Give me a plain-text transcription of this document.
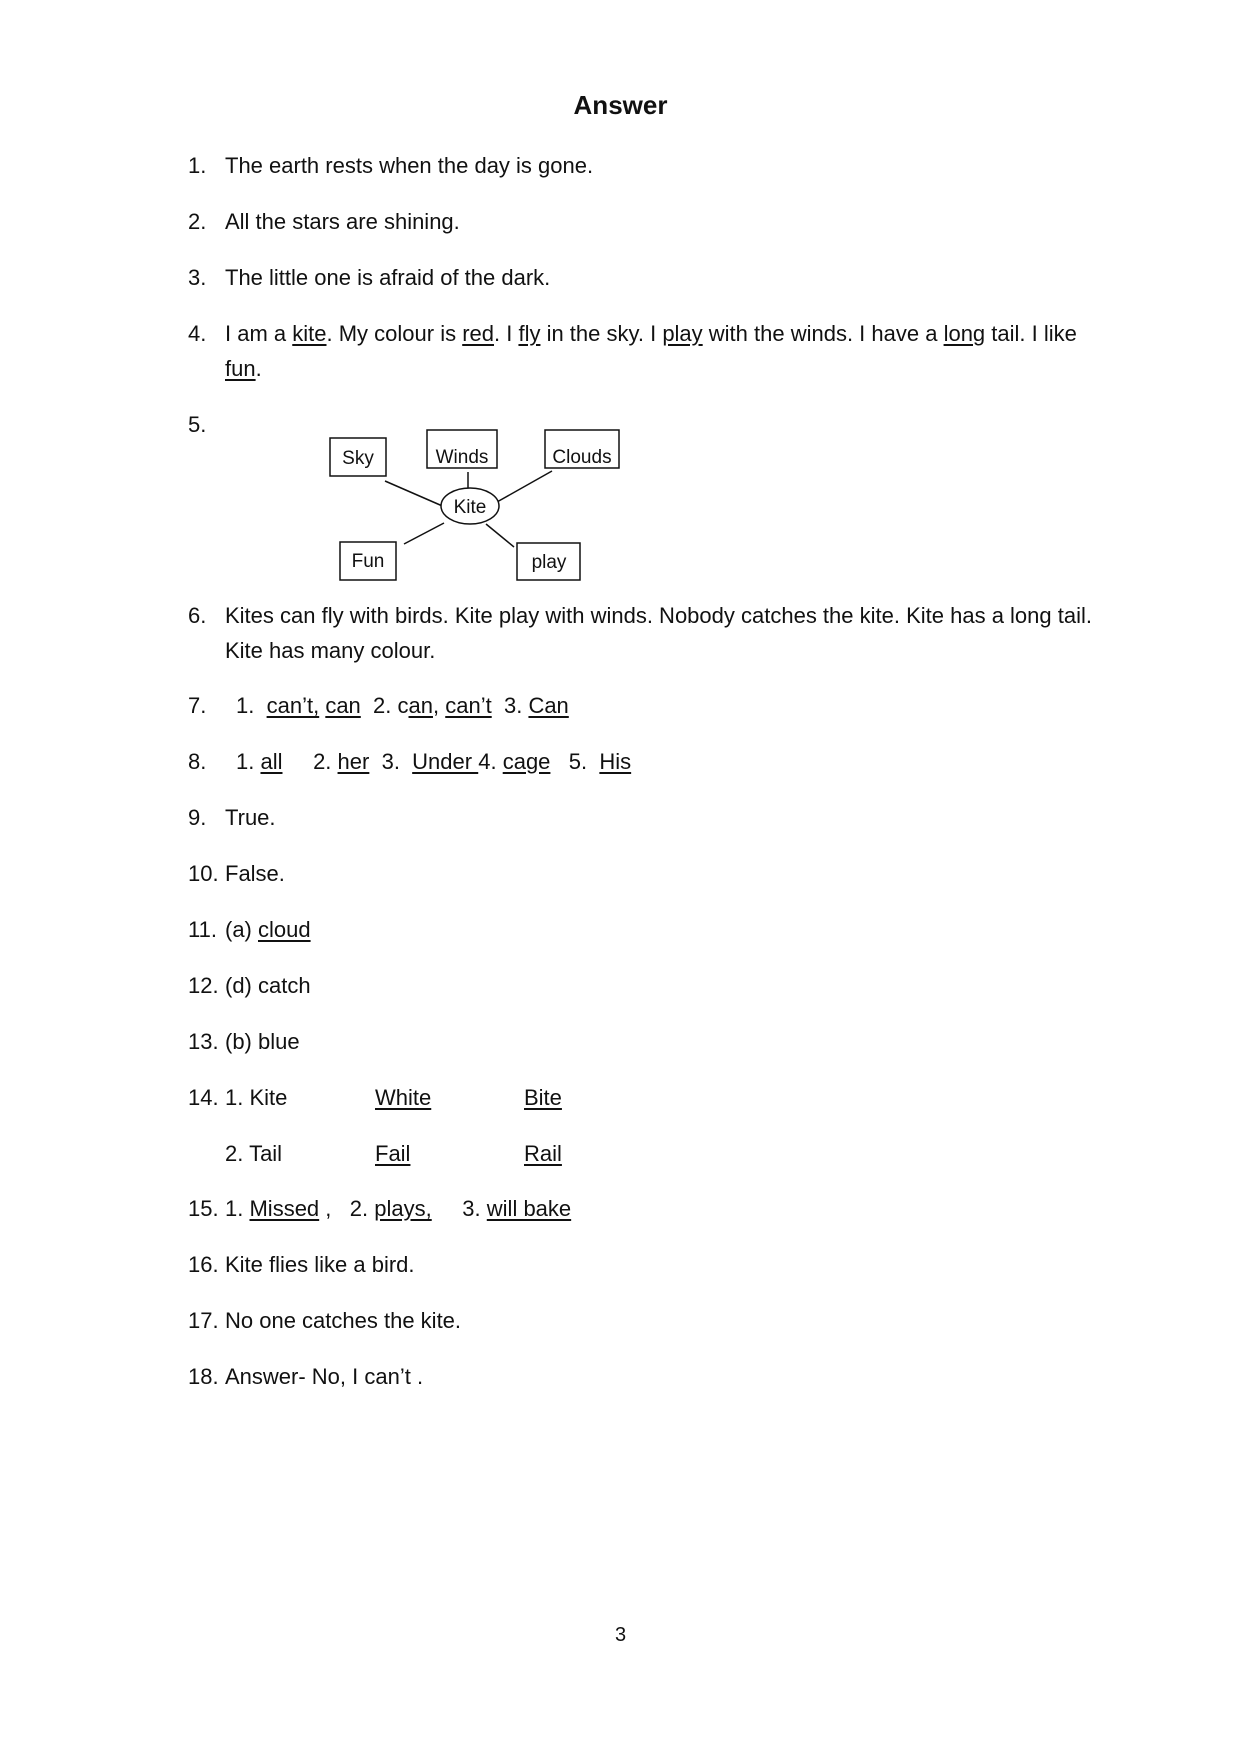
Answer
1. The earth rests when the day is gone.
2. All the stars are shining.
3. The little one is afraid of the dark.
4. I am a kite. My colour is red. I fly in the sky. I play with the winds. I have a long tail. I like fun.
5.
Sky	Winds	Clouds
Fun	play
Kite
6. Kites can fly with birds. Kite play with winds. Nobody catches the kite. Kite has a long tail. Kite has many colour.
7. 1. can’t, can 2. can, can’t 3. Can
8. 1. all 2. her 3. Under 4. cage 5. His
9. True.
10. False.
11. (a) cloud
12. (d) catch
13. (b) blue
14. 1. Kite	White	Bite
2. Tail	Fail	Rail
15. 1. Missed , 2. plays, 3. will bake
16. Kite flies like a bird.
17. No one catches the kite.
18. Answer- No, I can’t .
3
